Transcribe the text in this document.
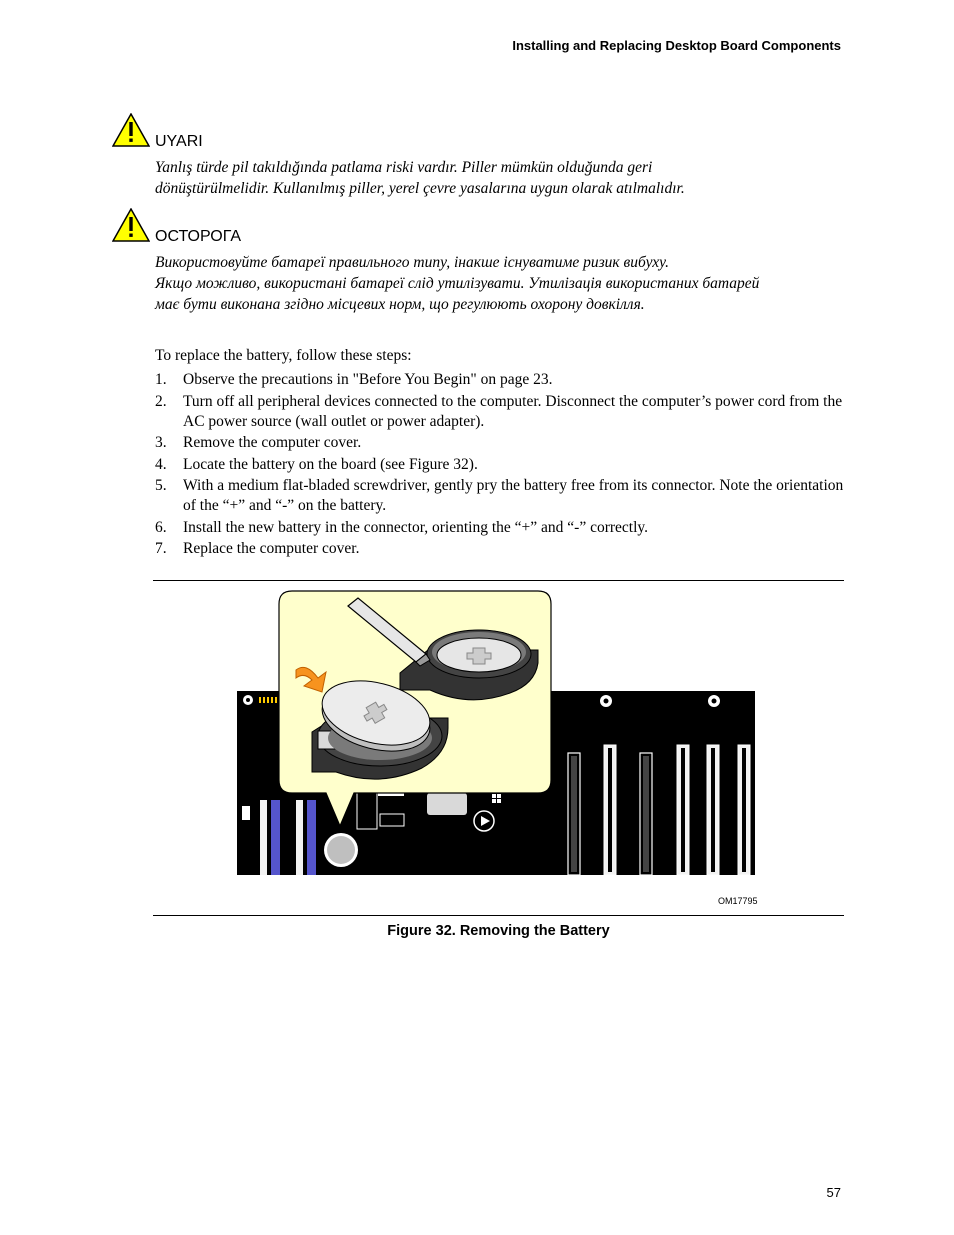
Installing and Replacing Desktop Board Components
UYARI
Yanlış türde pil takıldığında patlama riski vardır. Piller mümkün olduğunda geri
dönüştürülmelidir. Kullanılmış piller, yerel çevre yasalarına uygun olarak atılmalıdır.
ОСТОРОГА
Використовуйте батареї правильного типу, інакше існуватиме ризик вибуху.
Якщо можливо, використані батареї слід утилізувати. Утилізація використаних батарей
має бути виконана згідно місцевих норм, що регулюють охорону довкілля.
To replace the battery, follow these steps:
1. Observe the precautions in "Before You Begin" on page 23.
2. Turn off all peripheral devices connected to the computer. Disconnect the computer’s power cord from the AC power source (wall outlet or power adapter).
3. Remove the computer cover.
4. Locate the battery on the board (see Figure 32).
5. With a medium flat-bladed screwdriver, gently pry the battery free from its connector. Note the orientation of the “+” and “-” on the battery.
6. Install the new battery in the connector, orienting the “+” and “-” correctly.
7. Replace the computer cover.
OM17795
Figure 32. Removing the Battery
57
